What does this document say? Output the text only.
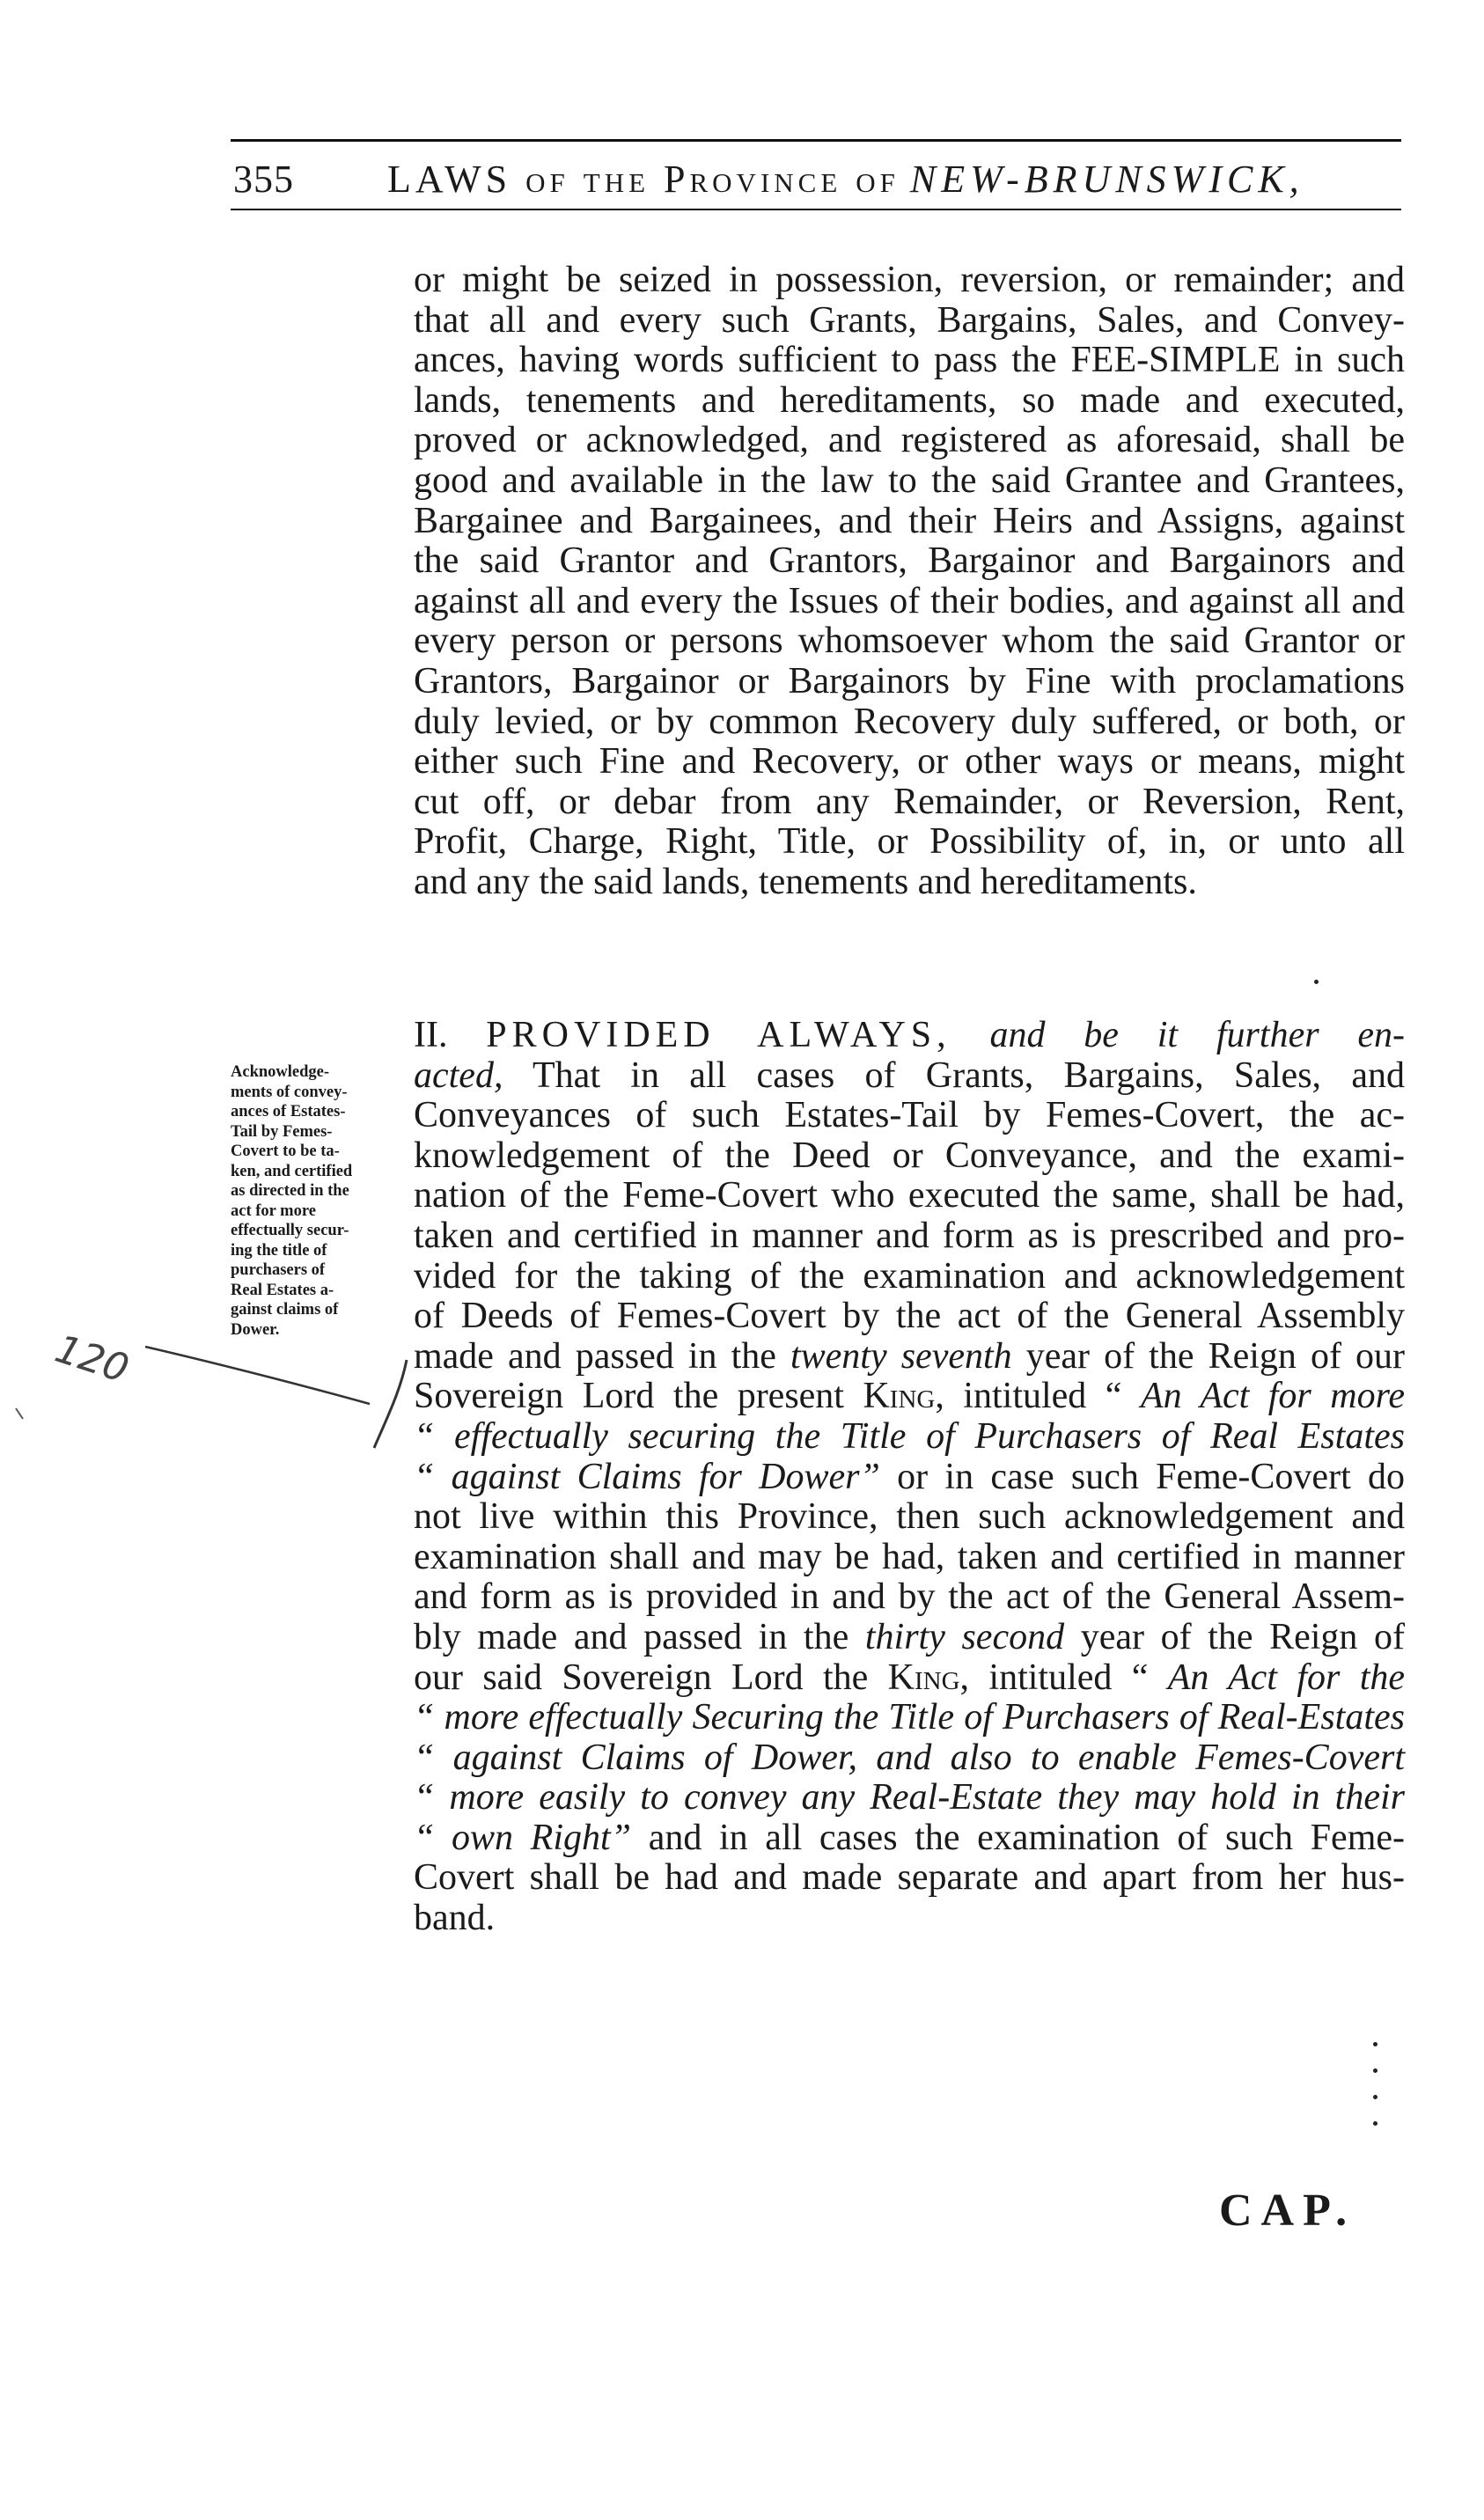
355 LAWS of the Province of NEW-BRUNSWICK,
or might be seized in possession, reversion, or remainder; and
that all and every such Grants, Bargains, Sales, and Convey-
ances, having words sufficient to pass the FEE-SIMPLE in such
lands, tenements and hereditaments, so made and executed,
proved or acknowledged, and registered as aforesaid, shall be
good and available in the law to the said Grantee and Grantees,
Bargainee and Bargainees, and their Heirs and Assigns, against
the said Grantor and Grantors, Bargainor and Bargainors and
against all and every the Issues of their bodies, and against all and
every person or persons whomsoever whom the said Grantor or
Grantors, Bargainor or Bargainors by Fine with proclamations
duly levied, or by common Recovery duly suffered, or both, or
either such Fine and Recovery, or other ways or means, might
cut off, or debar from any Remainder, or Reversion, Rent,
Profit, Charge, Right, Title, or Possibility of, in, or unto all
and any the said lands, tenements and hereditaments.
II. PROVIDED ALWAYS, and be it further en-
acted, That in all cases of Grants, Bargains, Sales, and
Conveyances of such Estates-Tail by Femes-Covert, the ac-
knowledgement of the Deed or Conveyance, and the exami-
nation of the Feme-Covert who executed the same, shall be had,
taken and certified in manner and form as is prescribed and pro-
vided for the taking of the examination and acknowledgement
of Deeds of Femes-Covert by the act of the General Assembly
made and passed in the twenty seventh year of the Reign of our
Sovereign Lord the present King, intituled “ An Act for more
“ effectually securing the Title of Purchasers of Real Estates
“ against Claims for Dower” or in case such Feme-Covert do
not live within this Province, then such acknowledgement and
examination shall and may be had, taken and certified in manner
and form as is provided in and by the act of the General Assem-
bly made and passed in the thirty second year of the Reign of
our said Sovereign Lord the King, intituled “ An Act for the
“ more effectually Securing the Title of Purchasers of Real-Estates
“ against Claims of Dower, and also to enable Femes-Covert
“ more easily to convey any Real-Estate they may hold in their
“ own Right” and in all cases the examination of such Feme-
Covert shall be had and made separate and apart from her hus-
band.
Acknowledge-
ments of convey-
ances of Estates-
Tail by Femes-
Covert to be ta-
ken, and certified
as directed in the
act for more
effectually secur-
ing the title of
purchasers of
Real Estates a-
gainst claims of
Dower.
120
CAP.
